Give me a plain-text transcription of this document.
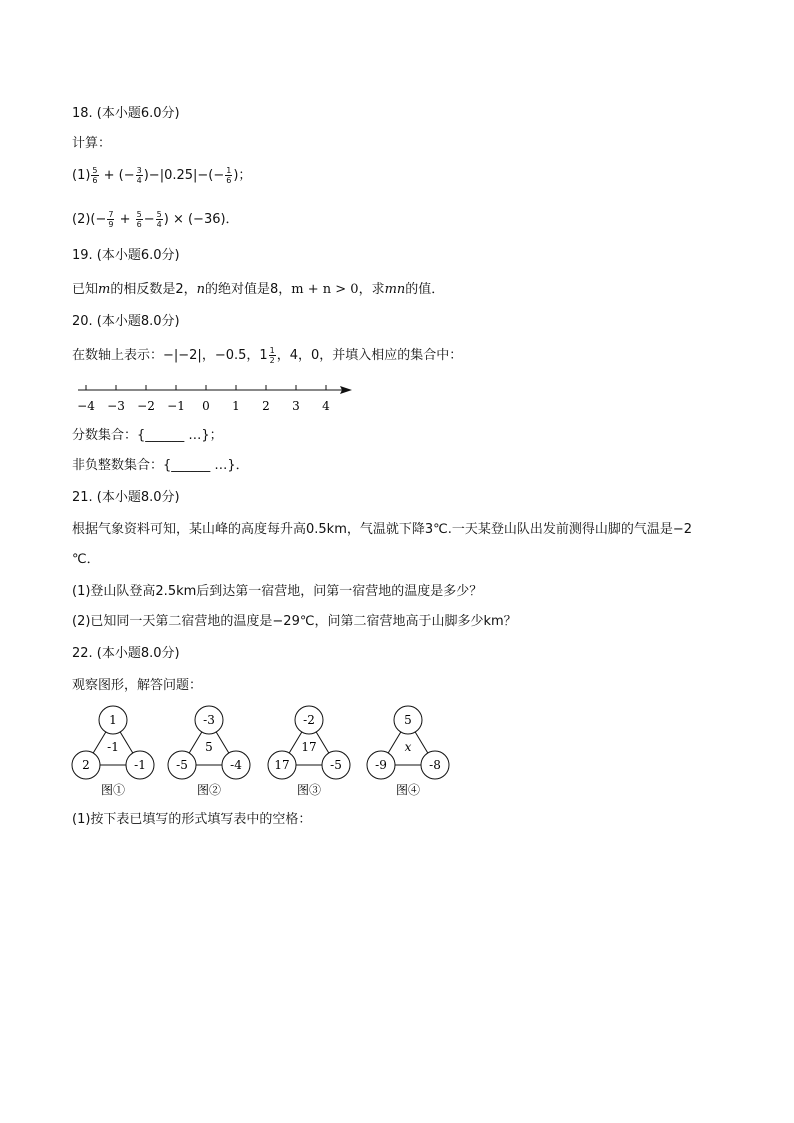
18. (本小题6.0分)
计算：
$(1) \frac{5}{6}$ + (− $\frac{3}{4} )-|0.25|-(- \frac{1}{6}$ )；
$(2)(- \frac{7}{9} + \frac{5}{6} - \frac{5}{4}$ ) × (−36)．
19. (本小题6.0分)
已知m的相反数是2，n的绝对值是8，m + n > 0，求mn的值．
20. (本小题8.0分)
在数轴上表示：−|−2|，−0.5，$1 \frac{1}{2}$ ，4，0，并填入相应的集合中：
−4 −3 −2 −1 0 1 2 3 4
分数集合：{______ …}；
非负整数集合：{______ …}．
21. (本小题8.0分)
根据气象资料可知，某山峰的高度每升高0.5km，气温就下降3℃.一天某登山队出发前测得山脚的气温是−2
℃．
(1)登山队登高2.5km后到达第一宿营地，问第一宿营地的温度是多少？
(2)已知同一天第二宿营地的温度是−29℃，问第二宿营地高于山脚多少km？
22. (本小题8.0分)
观察图形，解答问题：
1
2	-1
-1
图①
-3
-5	-4
5
图②
-2
17	-5
17
图③
5
-9	-8
x
图④
(1)按下表已填写的形式填写表中的空格：
